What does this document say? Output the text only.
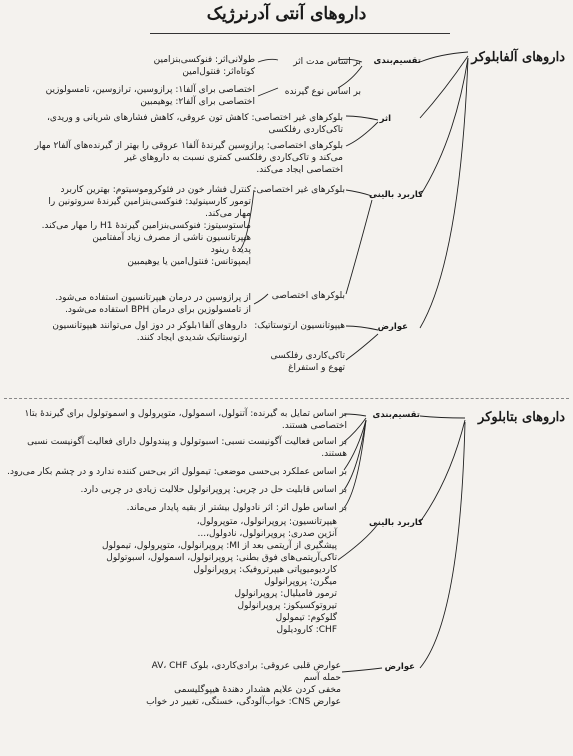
داروهای آنتی آدرنرژیک
داروهای آلفابلوکر
تقسیم‌بندی
بر اساس مدت اثر
طولانی‌اثر: فنوکسی‌بنزامین
کوتاه‌اثر: فنتول‌امین
بر اساس نوع گیرنده
اختصاصی برای آلفا۱: پرازوسین، ترازوسین، تامسولوزین
اختصاصی برای آلفا۲: یوهیمبین
اثر
بلوکرهای غیر اختصاصی: کاهش تون عروقی، کاهش فشارهای شریانی و وریدی،
تاکی‌کاردی رفلکسی
بلوکرهای اختصاصی: پرازوسین گیرندهٔ آلفا۱ عروقی را بهتر از گیرنده‌های آلفا۲ مهار
می‌کند و تاکی‌کاردی رفلکسی کمتری نسبت به داروهای غیر
اختصاصی ایجاد می‌کند.
کاربرد بالینی
بلوکرهای غیر اختصاصی:
کنترل فشار خون در فئوکروموسیتوم: بهترین کاربرد
تومور کارسینوئید: فنوکسی‌بنزامین گیرندهٔ سروتونین را
مهار می‌کند.
ماستوسیتوز: فنوکسی‌بنزامین گیرندهٔ H1 را مهار می‌کند.
هیپرتانسیون ناشی از مصرف زیاد آمفتامین
پدیدهٔ رینود
ایمپوتانس: فنتول‌امین یا یوهیمبین
بلوکرهای اختصاصی
از پرازوسین در درمان هیپرتانسیون استفاده می‌شود.
از تامسولوزین برای درمان BPH استفاده می‌شود.
عوارض
هیپوتانسیون ارتوستاتیک:
داروهای آلفا۱بلوکر در دوز اول می‌توانند هیپوتانسیون
ارتوستاتیک شدیدی ایجاد کنند.
تاکی‌کاردی رفلکسی
تهوع و استفراغ
داروهای بتابلوکر
تقسیم‌بندی
بر اساس تمایل به گیرنده: آتنولول، اسمولول، متوپرولول و اسموتولول برای گیرندهٔ بتا۱
اختصاصی هستند.
بر اساس فعالیت آگونیست نسبی: اسبوتولول و پیندولول دارای فعالیت آگونیست نسبی
هستند.
بر اساس عملکرد بی‌حسی موضعی: تیمولول اثر بی‌حس کننده ندارد و در چشم بکار می‌رود.
بر اساس قابلیت حل در چربی: پروپرانولول حلالیت زیادی در چربی دارد.
بر اساس طول اثر: اثر نادولول بیشتر از بقیه پایدار می‌ماند.
کاربرد بالینی
هیپرتانسیون: پروپرانولول، متوپرولول،
آنژین صدری: پروپرانولول، نادولول،...
پیشگیری از آریتمی بعد از MI: پروپرانولول، متوپرولول، تیمولول
تاکی‌آریتمی‌های فوق بطنی: پروپرانولول، اسمولول، اسبوتولول
کاردیومیوپاتی هیپرتروفیک: پروپرانولول
میگرن: پروپرانولول
ترمور فامیلیال: پروپرانولول
تیروتوکسیکوز: پروپرانولول
گلوکوم: تیمولول
CHF: کارودیلول
عوارض
عوارض قلبی عروقی: برادی‌کاردی، بلوک AV، CHF
حمله آسم
مخفی کردن علایم هشدار دهندهٔ هیپوگلیسمی
عوارض CNS: خواب‌آلودگی، خستگی، تغییر در خواب
